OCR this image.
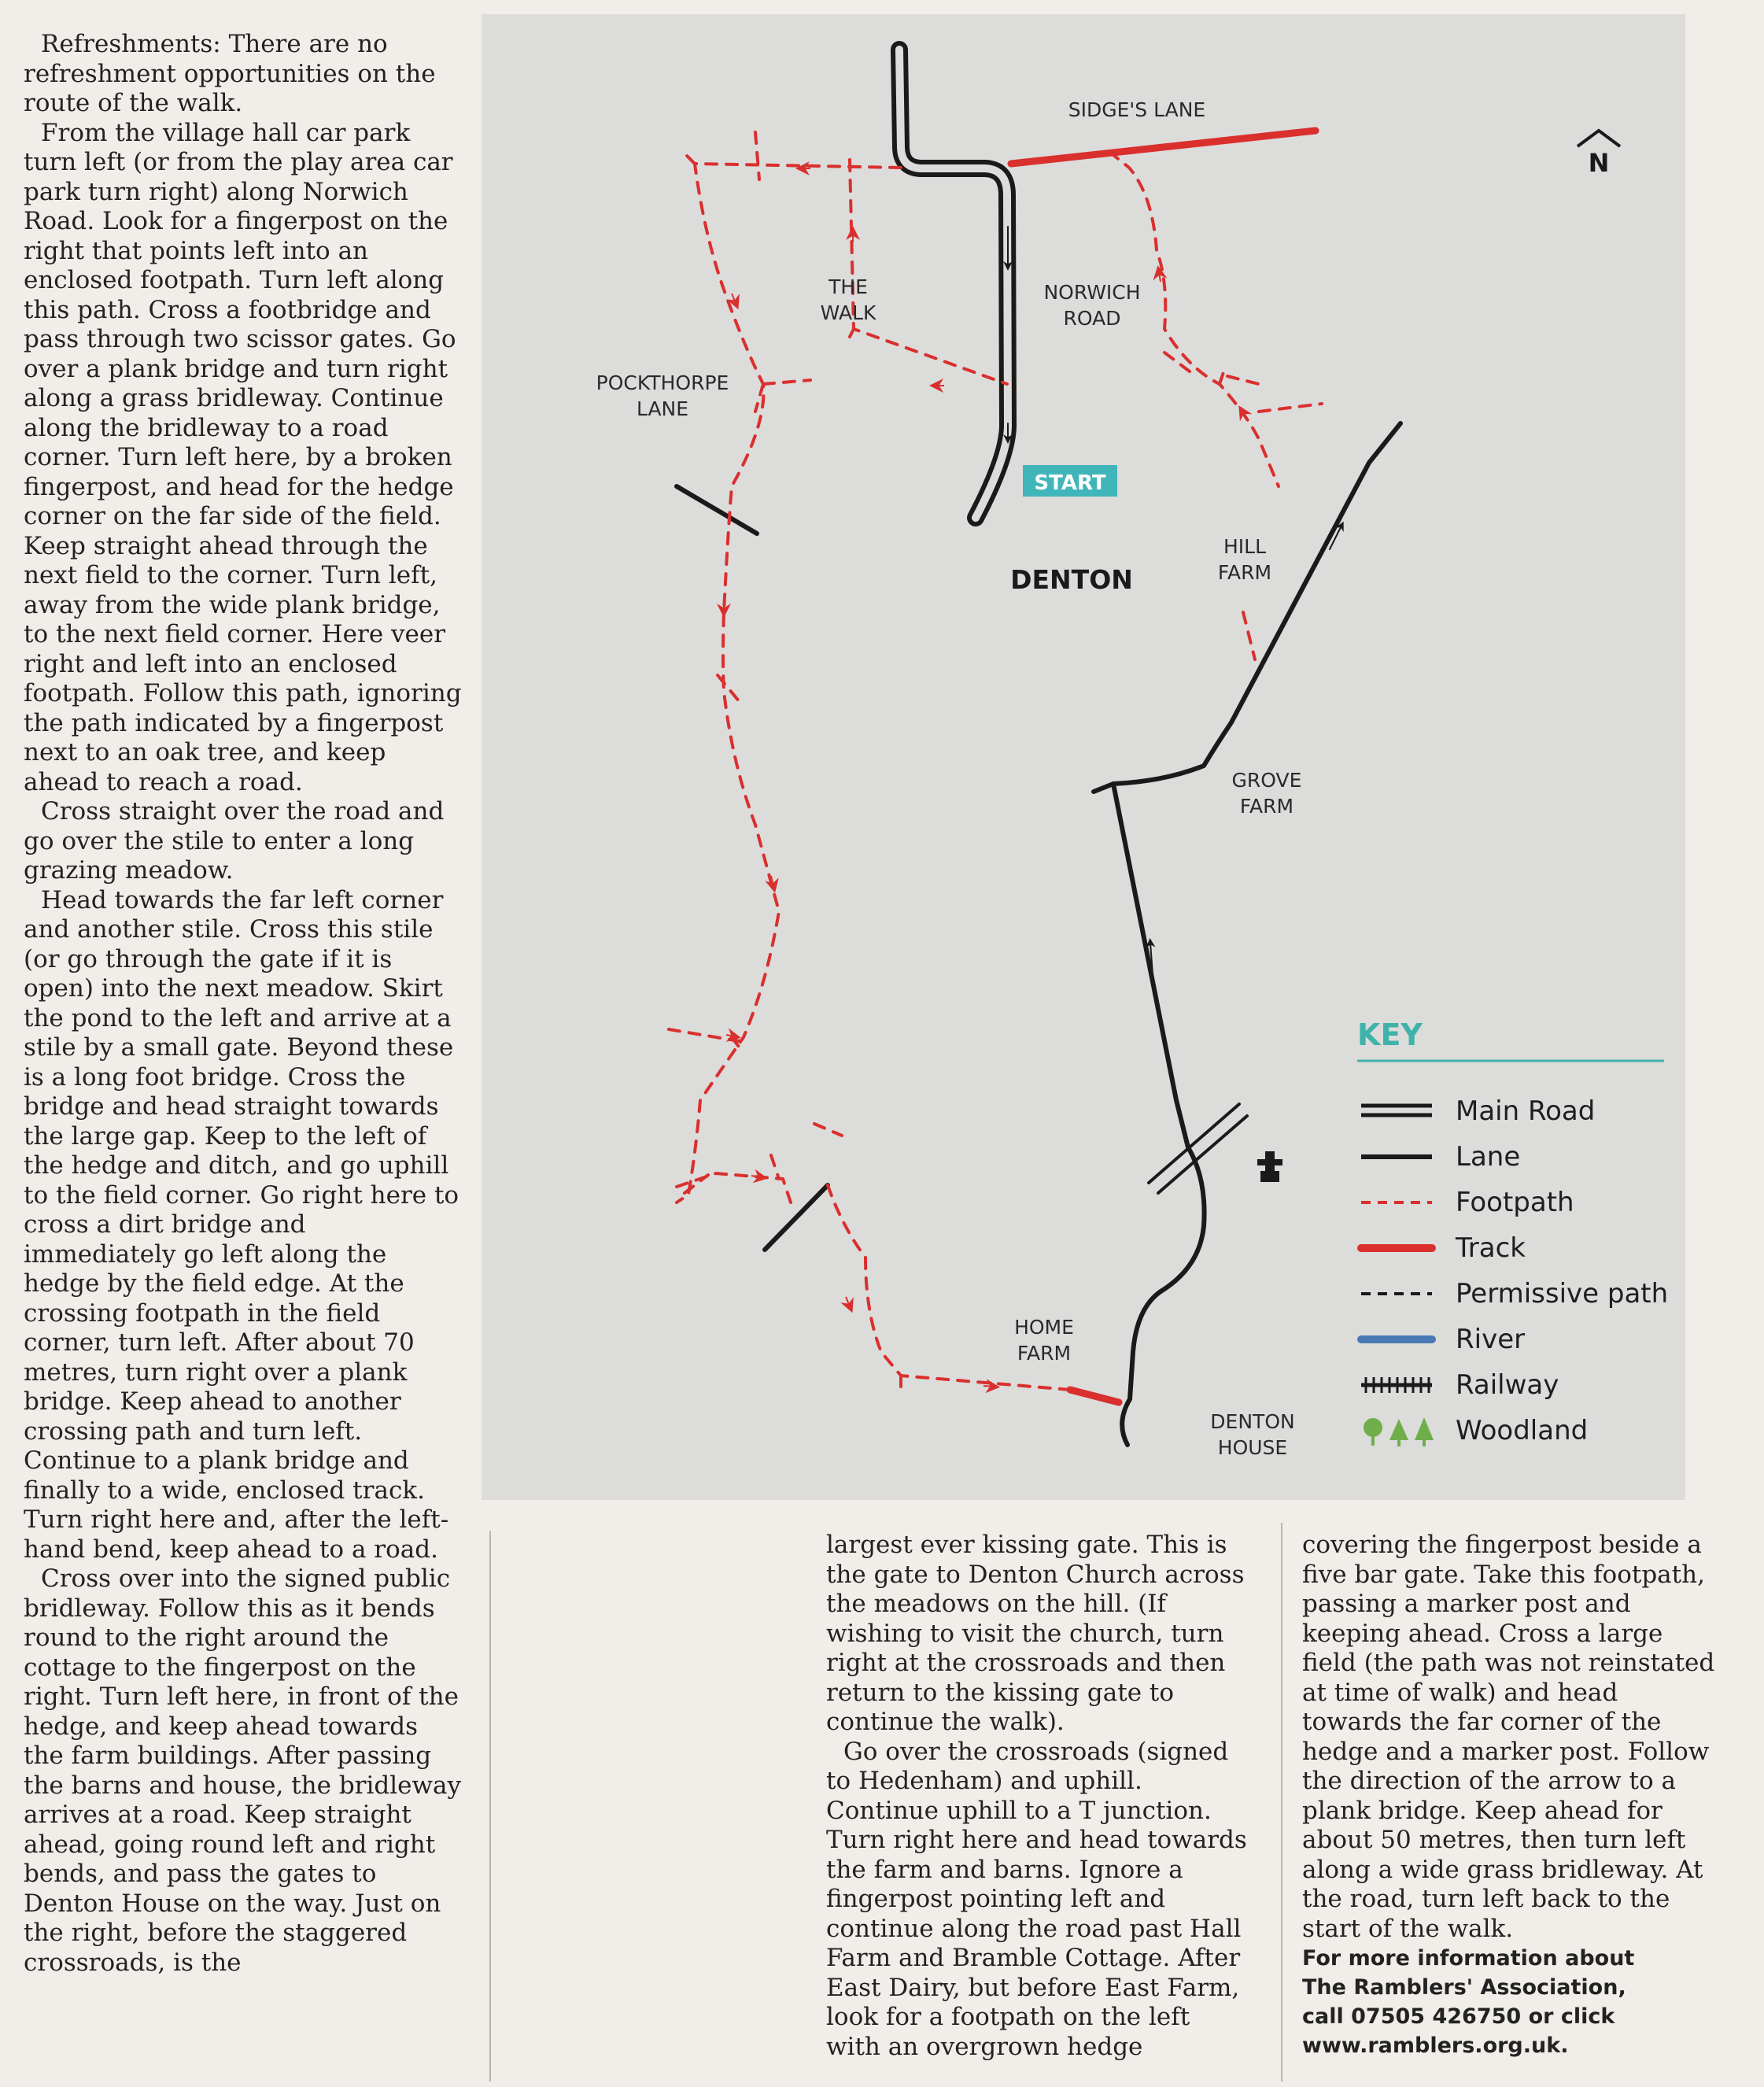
Refreshments: There are no refreshment opportunities on the route of the walk.

From the village hall car park turn left (or from the play area car park turn right) along Norwich Road. Look for a fingerpost on the right that points left into an enclosed footpath. Turn left along this path. Cross a footbridge and pass through two scissor gates. Go over a plank bridge and turn right along a grass bridleway. Continue along the bridleway to a road corner. Turn left here, by a broken fingerpost, and head for the hedge corner on the far side of the field. Keep straight ahead through the next field to the corner. Turn left, away from the wide plank bridge, to the next field corner. Here veer right and left into an enclosed footpath. Follow this path, ignoring the path indicated by a fingerpost next to an oak tree, and keep ahead to reach a road.

Cross straight over the road and go over the stile to enter a long grazing meadow.

Head towards the far left corner and another stile. Cross this stile (or go through the gate if it is open) into the next meadow. Skirt the pond to the left and arrive at a stile by a small gate. Beyond these is a long foot bridge. Cross the bridge and head straight towards the large gap. Keep to the left of the hedge and ditch, and go uphill to the field corner. Go right here to cross a dirt bridge and immediately go left along the hedge by the field edge. At the crossing footpath in the field corner, turn left. After about 70 metres, turn right over a plank bridge. Keep ahead to another crossing path and turn left. Continue to a plank bridge and finally to a wide, enclosed track. Turn right here and, after the left-hand bend, keep ahead to a road.

Cross over into the signed public bridleway. Follow this as it bends round to the right around the cottage to the fingerpost on the right. Turn left here, in front of the hedge, and keep ahead towards the farm buildings. After passing the barns and house, the bridleway arrives at a road. Keep straight ahead, going round left and right bends, and pass the gates to Denton House on the way. Just on the right, before the staggered crossroads, is the

largest ever kissing gate. This is the gate to Denton Church across the meadows on the hill. (If wishing to visit the church, turn right at the crossroads and then return to the kissing gate to continue the walk).

Go over the crossroads (signed to Hedenham) and uphill. Continue uphill to a T junction. Turn right here and head towards the farm and barns. Ignore a fingerpost pointing left and continue along the road past Hall Farm and Bramble Cottage. After East Dairy, but before East Farm, look for a footpath on the left with an overgrown hedge

covering the fingerpost beside a five bar gate. Take this footpath, passing a marker post and keeping ahead. Cross a large field (the path was not reinstated at time of walk) and head towards the far corner of the hedge and a marker post. Follow the direction of the arrow to a plank bridge. Keep ahead for about 50 metres, then turn left along a wide grass bridleway. At the road, turn left back to the start of the walk.

For more information about
The Ramblers' Association,
call 07505 426750 or click
www.ramblers.org.uk.

SIDGE'S LANE
THE
WALK
NORWICH
ROAD
POCKTHORPE
LANE
START
DENTON
HILL
FARM
GROVE
FARM
HOME
FARM
DENTON
HOUSE
N
KEY
Main Road
Lane
Footpath
Track
Permissive path
River
Railway
Woodland
